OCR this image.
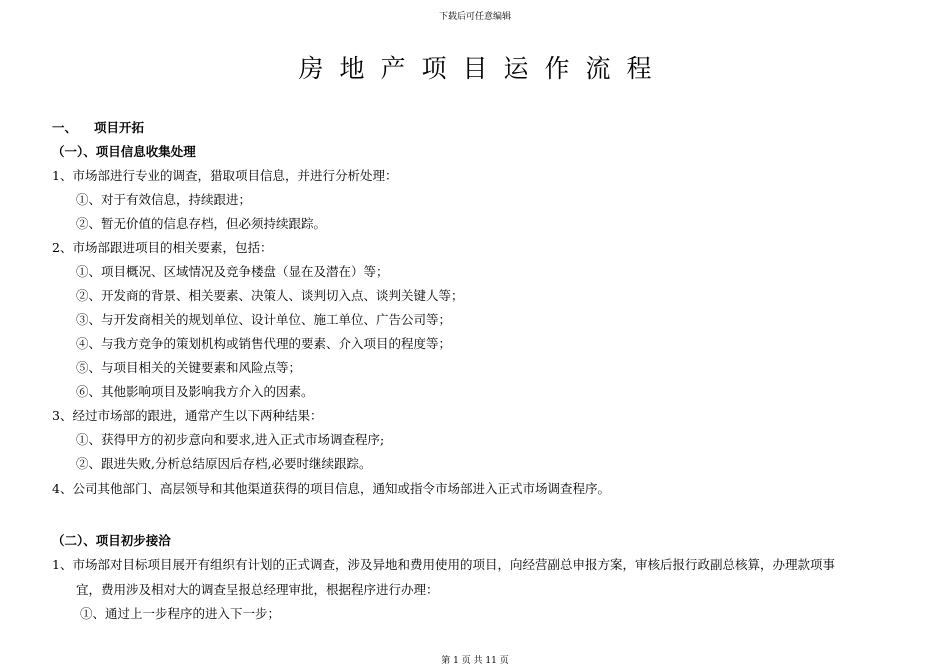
下载后可任意编辑
房地产项目运作流程
一、 项目开拓
（一）、项目信息收集处理
1、市场部进行专业的调查，猎取项目信息，并进行分析处理：
①、对于有效信息，持续跟进；
②、暂无价值的信息存档，但必须持续跟踪。
2、市场部跟进项目的相关要素，包括：
①、项目概况、区域情况及竞争楼盘（显在及潜在）等；
②、开发商的背景、相关要素、决策人、谈判切入点、谈判关键人等；
③、与开发商相关的规划单位、设计单位、施工单位、广告公司等；
④、与我方竞争的策划机构或销售代理的要素、介入项目的程度等；
⑤、与项目相关的关键要素和风险点等；
⑥、其他影响项目及影响我方介入的因素。
3、经过市场部的跟进，通常产生以下两种结果：
①、获得甲方的初步意向和要求,进入正式市场调查程序;
②、跟进失败,分析总结原因后存档,必要时继续跟踪。
4、公司其他部门、高层领导和其他渠道获得的项目信息，通知或指令市场部进入正式市场调查程序。
（二）、项目初步接洽
1、市场部对目标项目展开有组织有计划的正式调查，涉及异地和费用使用的项目，向经营副总申报方案，审核后报行政副总核算，办理款项事
宜，费用涉及相对大的调查呈报总经理审批，根据程序进行办理：
①、通过上一步程序的进入下一步；
第 1 页 共 11 页
